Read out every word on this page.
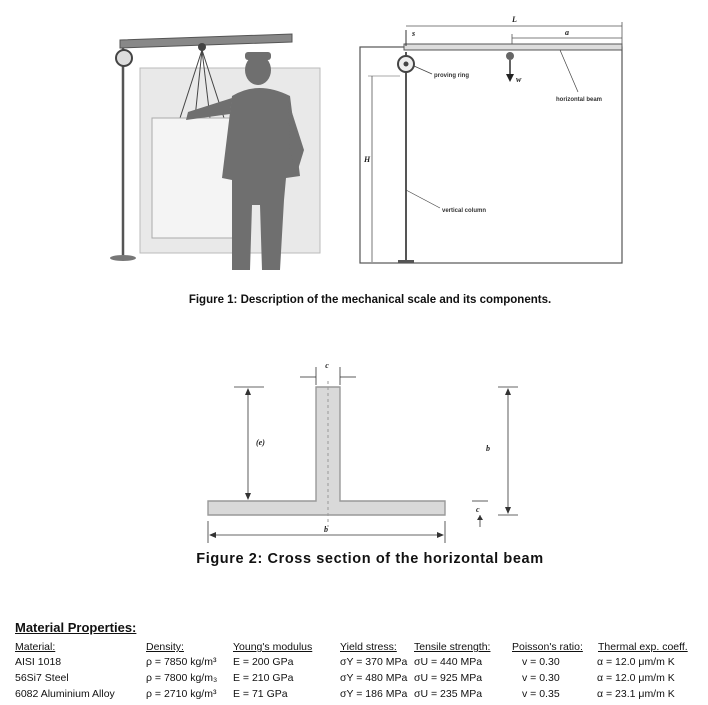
s
L
a
w
H
proving ring
horizontal beam
vertical column
Figure 1: Description of the mechanical scale and its components.
c
(e)
b
c
b
Figure 2: Cross section of the horizontal beam
Material Properties:
Material:	Density:	Young's modulus	Yield stress: Tensile strength: Poisson's ratio: Thermal exp. coeff.
AISI 1018	ρ = 7850 kg/m³ E = 200 GPa	σY = 370 MPa σU = 440 MPa	v = 0.30	α = 12.0 μm/m K
56Si7 Steel	ρ = 7800 kg/m₃ E = 210 GPa	σY = 480 MPa σU = 925 MPa	v = 0.30	α = 12.0 μm/m K
6082 Aluminium Alloy	ρ = 2710 kg/m³ E = 71 GPa	σY = 186 MPa σU = 235 MPa	v = 0.35	α = 23.1 μm/m K
